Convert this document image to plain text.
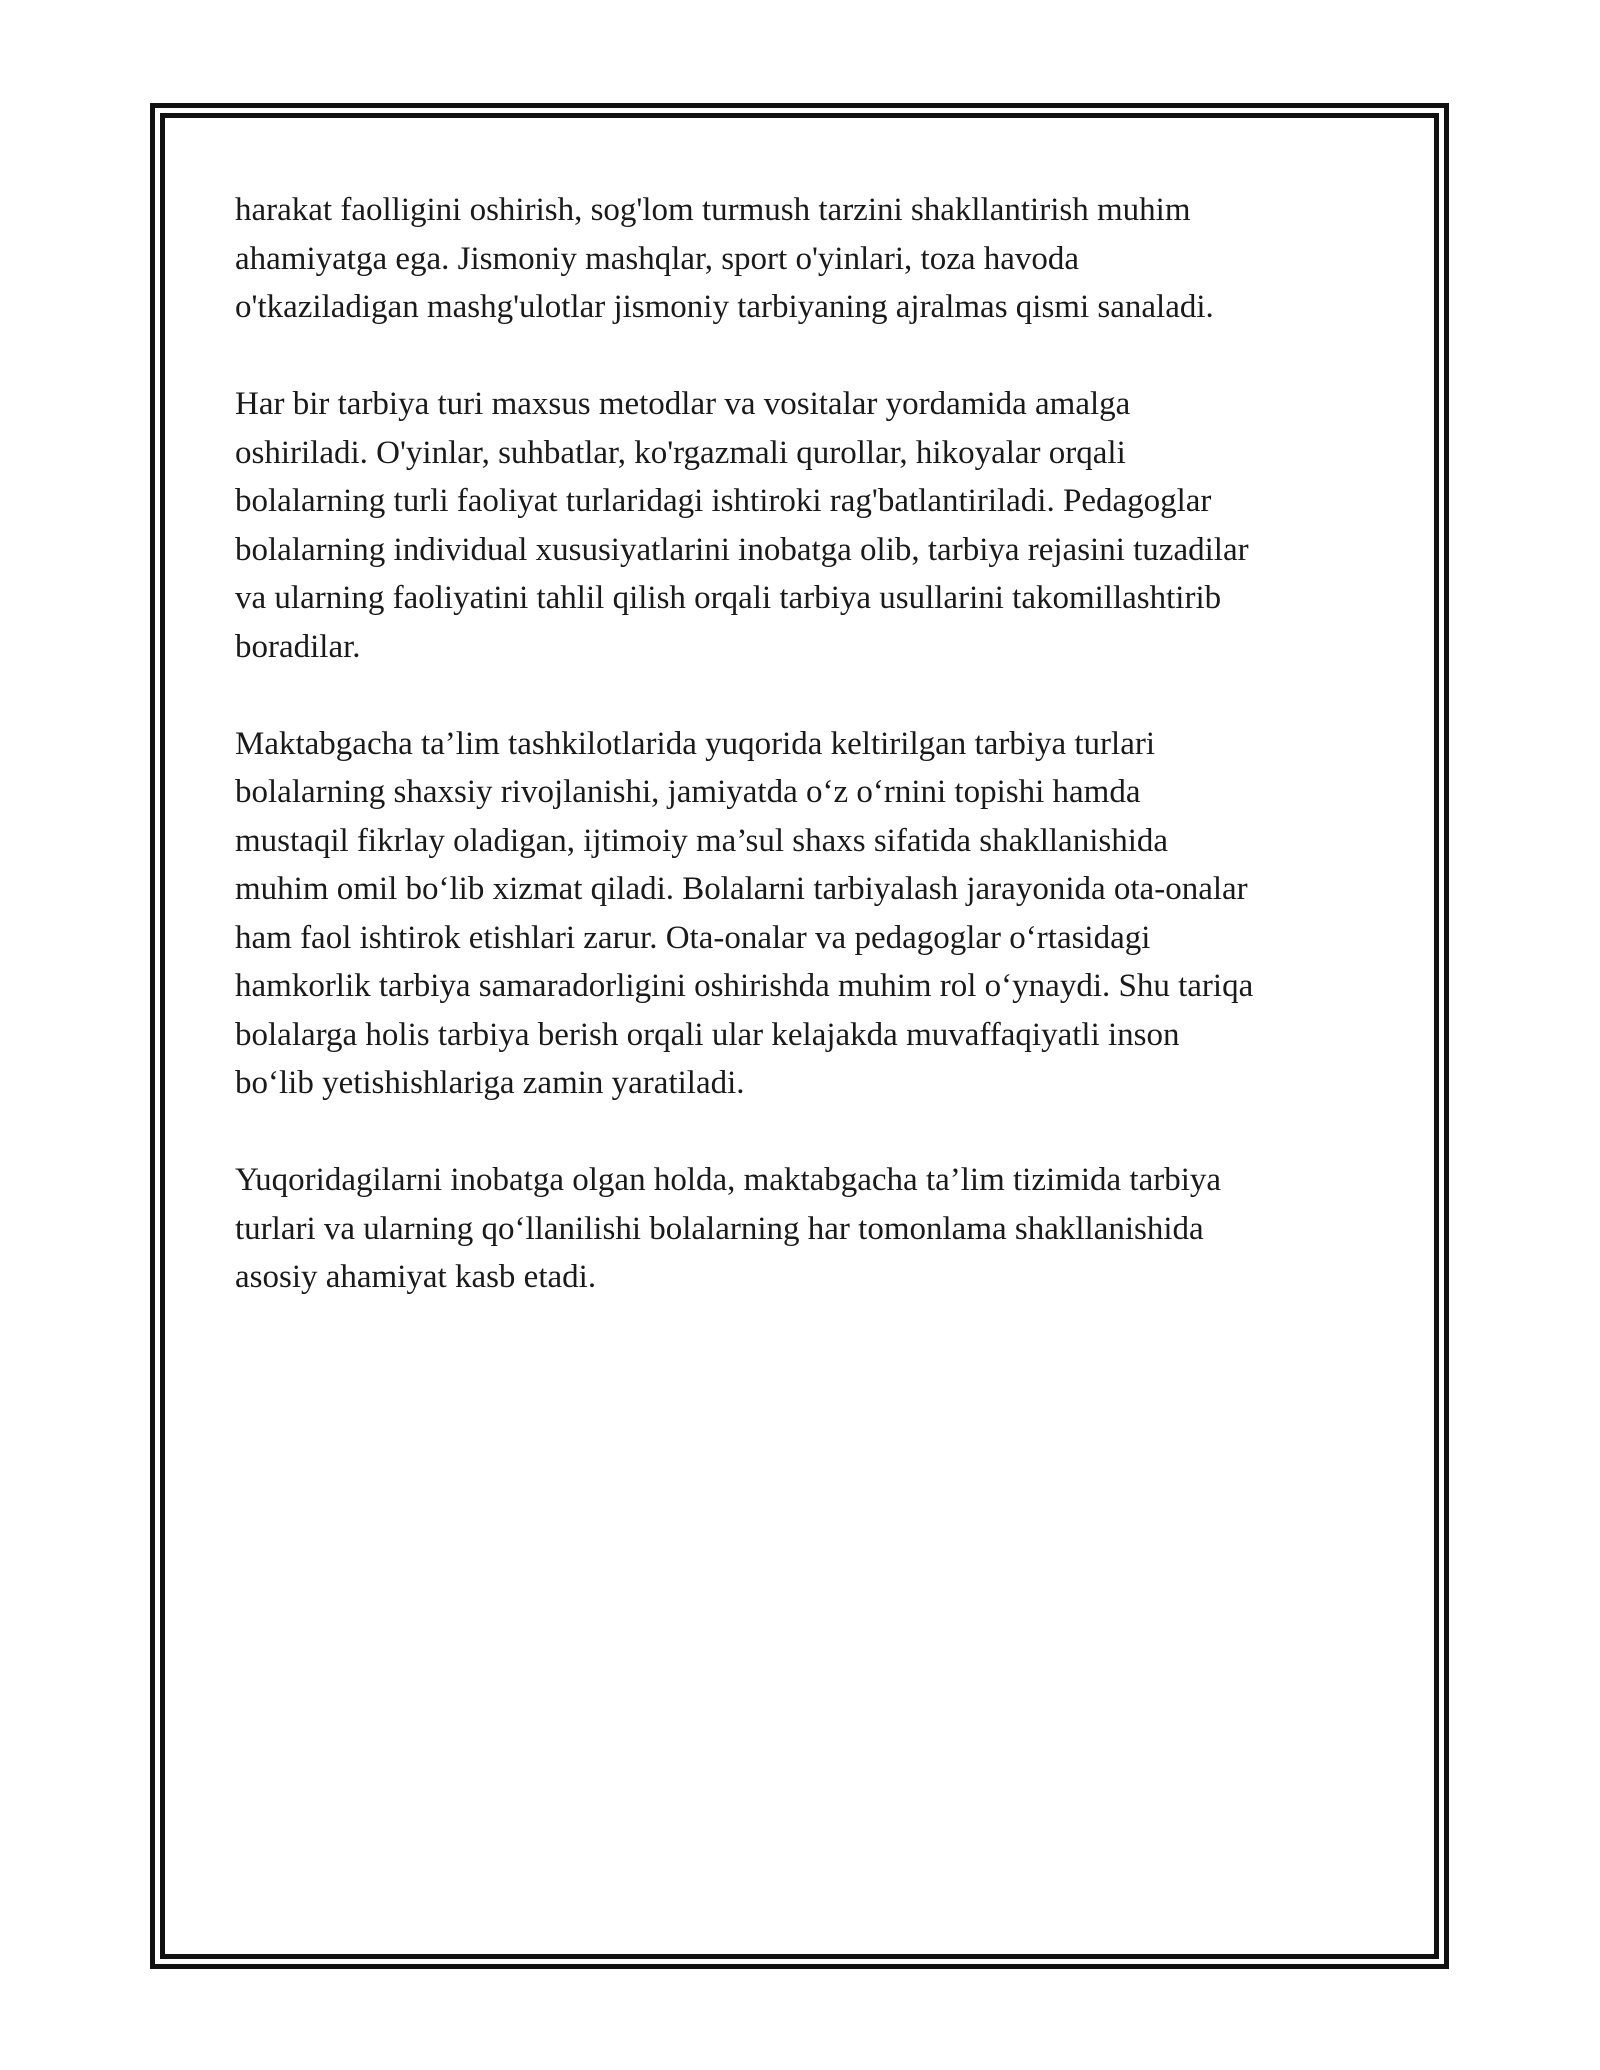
harakat faolligini oshirish, sog'lom turmush tarzini shakllantirish muhim
ahamiyatga ega. Jismoniy mashqlar, sport o'yinlari, toza havoda
o'tkaziladigan mashg'ulotlar jismoniy tarbiyaning ajralmas qismi sanaladi.

Har bir tarbiya turi maxsus metodlar va vositalar yordamida amalga
oshiriladi. O'yinlar, suhbatlar, ko'rgazmali qurollar, hikoyalar orqali
bolalarning turli faoliyat turlaridagi ishtiroki rag'batlantiriladi. Pedagoglar
bolalarning individual xususiyatlarini inobatga olib, tarbiya rejasini tuzadilar
va ularning faoliyatini tahlil qilish orqali tarbiya usullarini takomillashtirib
boradilar.

Maktabgacha ta’lim tashkilotlarida yuqorida keltirilgan tarbiya turlari
bolalarning shaxsiy rivojlanishi, jamiyatda o‘z o‘rnini topishi hamda
mustaqil fikrlay oladigan, ijtimoiy ma’sul shaxs sifatida shakllanishida
muhim omil bo‘lib xizmat qiladi. Bolalarni tarbiyalash jarayonida ota-onalar
ham faol ishtirok etishlari zarur. Ota-onalar va pedagoglar o‘rtasidagi
hamkorlik tarbiya samaradorligini oshirishda muhim rol o‘ynaydi. Shu tariqa
bolalarga holis tarbiya berish orqali ular kelajakda muvaffaqiyatli inson
bo‘lib yetishishlariga zamin yaratiladi.

Yuqoridagilarni inobatga olgan holda, maktabgacha ta’lim tizimida tarbiya
turlari va ularning qo‘llanilishi bolalarning har tomonlama shakllanishida
asosiy ahamiyat kasb etadi.
